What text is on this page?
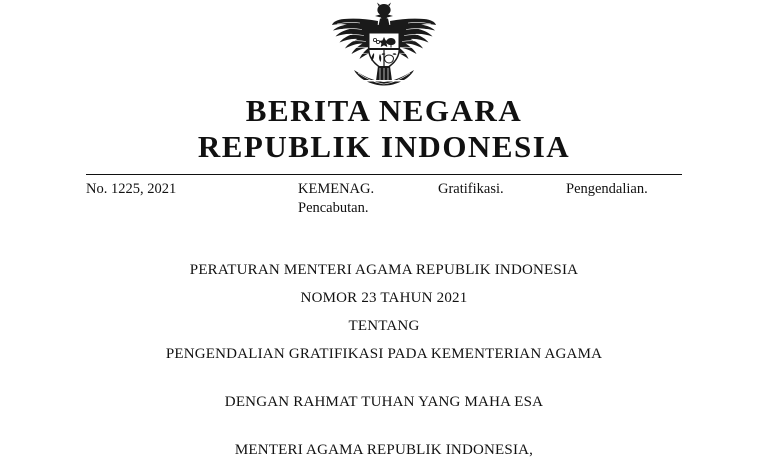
BERITA NEGARA
REPUBLIK INDONESIA
No. 1225, 2021	KEMENAG.	Gratifikasi.	Pengendalian.
Pencabutan.
PERATURAN MENTERI AGAMA REPUBLIK INDONESIA
NOMOR 23 TAHUN 2021
TENTANG
PENGENDALIAN GRATIFIKASI PADA KEMENTERIAN AGAMA
DENGAN RAHMAT TUHAN YANG MAHA ESA
MENTERI AGAMA REPUBLIK INDONESIA,
